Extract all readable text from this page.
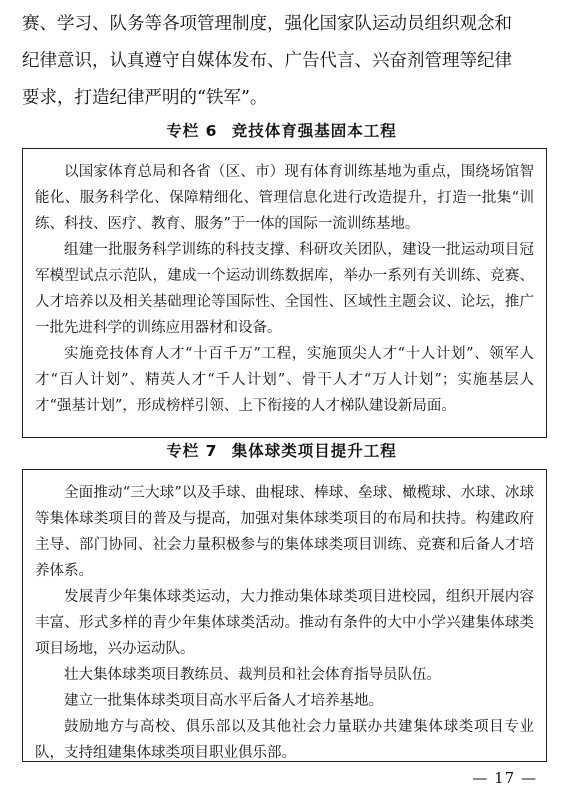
赛、学习、队务等各项管理制度，强化国家队运动员组织观念和

纪律意识，认真遵守自媒体发布、广告代言、兴奋剂管理等纪律

要求，打造纪律严明的“铁军”。

专栏 6 竞技体育强基固本工程

以国家体育总局和各省（区、市）现有体育训练基地为重点，围绕场馆智能化、服务科学化、保障精细化、管理信息化进行改造提升，打造一批集“训练、科技、医疗、教育、服务”于一体的国际一流训练基地。

组建一批服务科学训练的科技支撑、科研攻关团队，建设一批运动项目冠军模型试点示范队，建成一个运动训练数据库，举办一系列有关训练、竞赛、人才培养以及相关基础理论等国际性、全国性、区域性主题会议、论坛，推广一批先进科学的训练应用器材和设备。

实施竞技体育人才“十百千万”工程，实施顶尖人才“十人计划”、领军人才“百人计划”、精英人才“千人计划”、骨干人才“万人计划”；实施基层人才“强基计划”，形成榜样引领、上下衔接的人才梯队建设新局面。

专栏 7 集体球类项目提升工程

全面推动“三大球”以及手球、曲棍球、棒球、垒球、橄榄球、水球、冰球等集体球类项目的普及与提高，加强对集体球类项目的布局和扶持。构建政府主导、部门协同、社会力量积极参与的集体球类项目训练、竞赛和后备人才培养体系。

发展青少年集体球类运动，大力推动集体球类项目进校园，组织开展内容丰富、形式多样的青少年集体球类活动。推动有条件的大中小学兴建集体球类项目场地，兴办运动队。

壮大集体球类项目教练员、裁判员和社会体育指导员队伍。

建立一批集体球类项目高水平后备人才培养基地。

鼓励地方与高校、俱乐部以及其他社会力量联办共建集体球类项目专业队，支持组建集体球类项目职业俱乐部。

— 17 —
